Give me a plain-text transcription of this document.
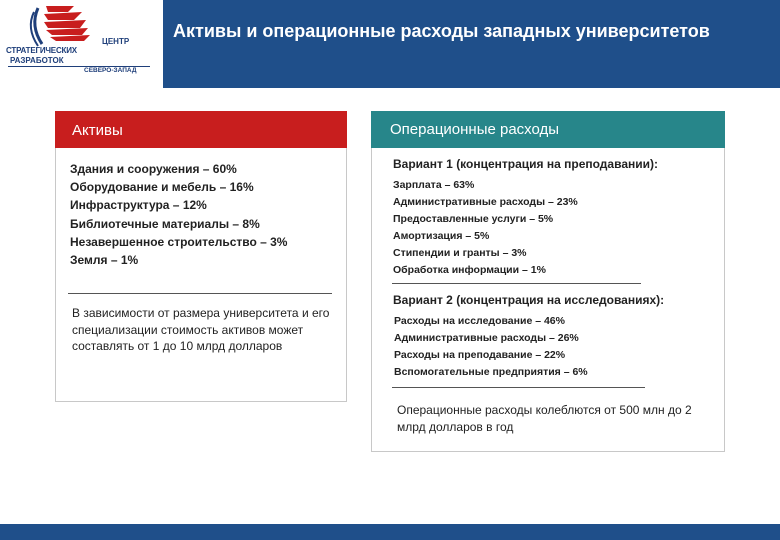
ЦЕНТР
СТРАТЕГИЧЕСКИХ
РАЗРАБОТОК
СЕВЕРО-ЗАПАД
Активы и операционные расходы западных университетов
Активы
Здания и сооружения – 60%
Оборудование и мебель – 16%
Инфраструктура – 12%
Библиотечные материалы – 8%
Незавершенное строительство – 3%
Земля – 1%

В зависимости от размера университета и его специализации стоимость активов может составлять от 1 до 10 млрд долларов

Операционные расходы
Вариант 1 (концентрация на преподавании):
Зарплата – 63%
Административные расходы – 23%
Предоставленные услуги – 5%
Амортизация – 5%
Стипендии и гранты – 3%
Обработка информации – 1%
Вариант 2 (концентрация на исследованиях):
Расходы на исследование – 46%
Административные расходы – 26%
Расходы на преподавание – 22%
Вспомогательные предприятия – 6%

Операционные расходы колеблются от 500 млн до 2 млрд долларов в год
